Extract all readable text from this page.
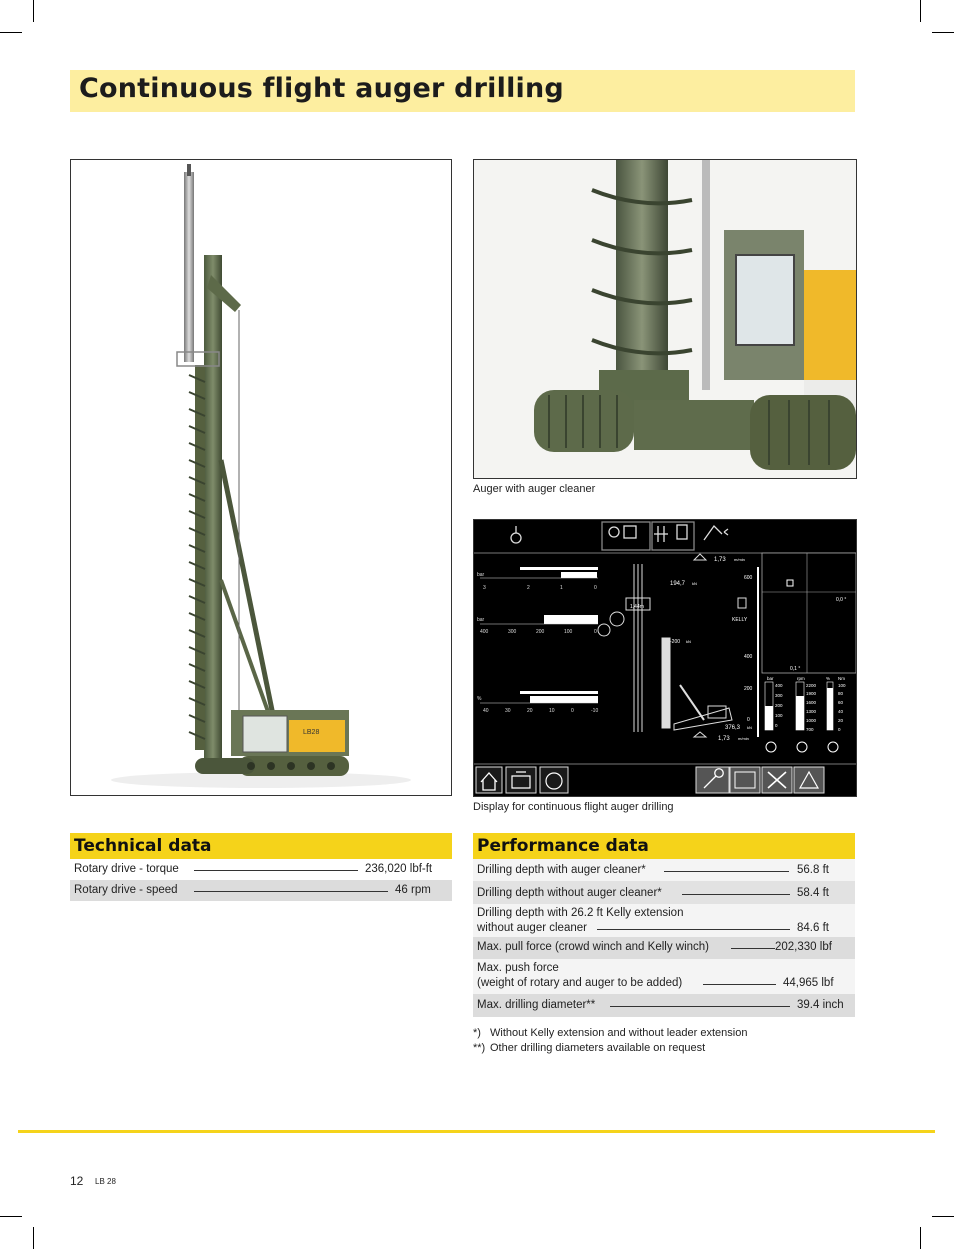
Continuous flight auger drilling
LB28
Auger with auger cleaner
bar
3	2	1	0
bar
400	300	200	100	0
%
40	30	20	10	0	-10
1,73 m/min
194,7 kN
1,44m
-200 kN
KELLY
600
400
200
0
376,3 kN
1,73 m/min
0,0 °
0,1 °
bar	rpm	% Nm
400
300
200
100
0
2200
1900
1600
1300
1000
700
100
80
60
40
20
0
Display for continuous flight auger drilling
Technical data
Rotary drive - torque	236,020 lbf-ft
Rotary drive - speed	46 rpm
Performance data
Drilling depth with auger cleaner*	56.8 ft
Drilling depth without auger cleaner*	58.4 ft
Drilling depth with 26.2 ft Kelly extension
without auger cleaner	84.6 ft
Max. pull force (crowd winch and Kelly winch)	202,330 lbf
Max. push force
(weight of rotary and auger to be added)	44,965 lbf
Max. drilling diameter**	39.4 inch
*) Without Kelly extension and without leader extension
**) Other drilling diameters available on request
12 LB 28
